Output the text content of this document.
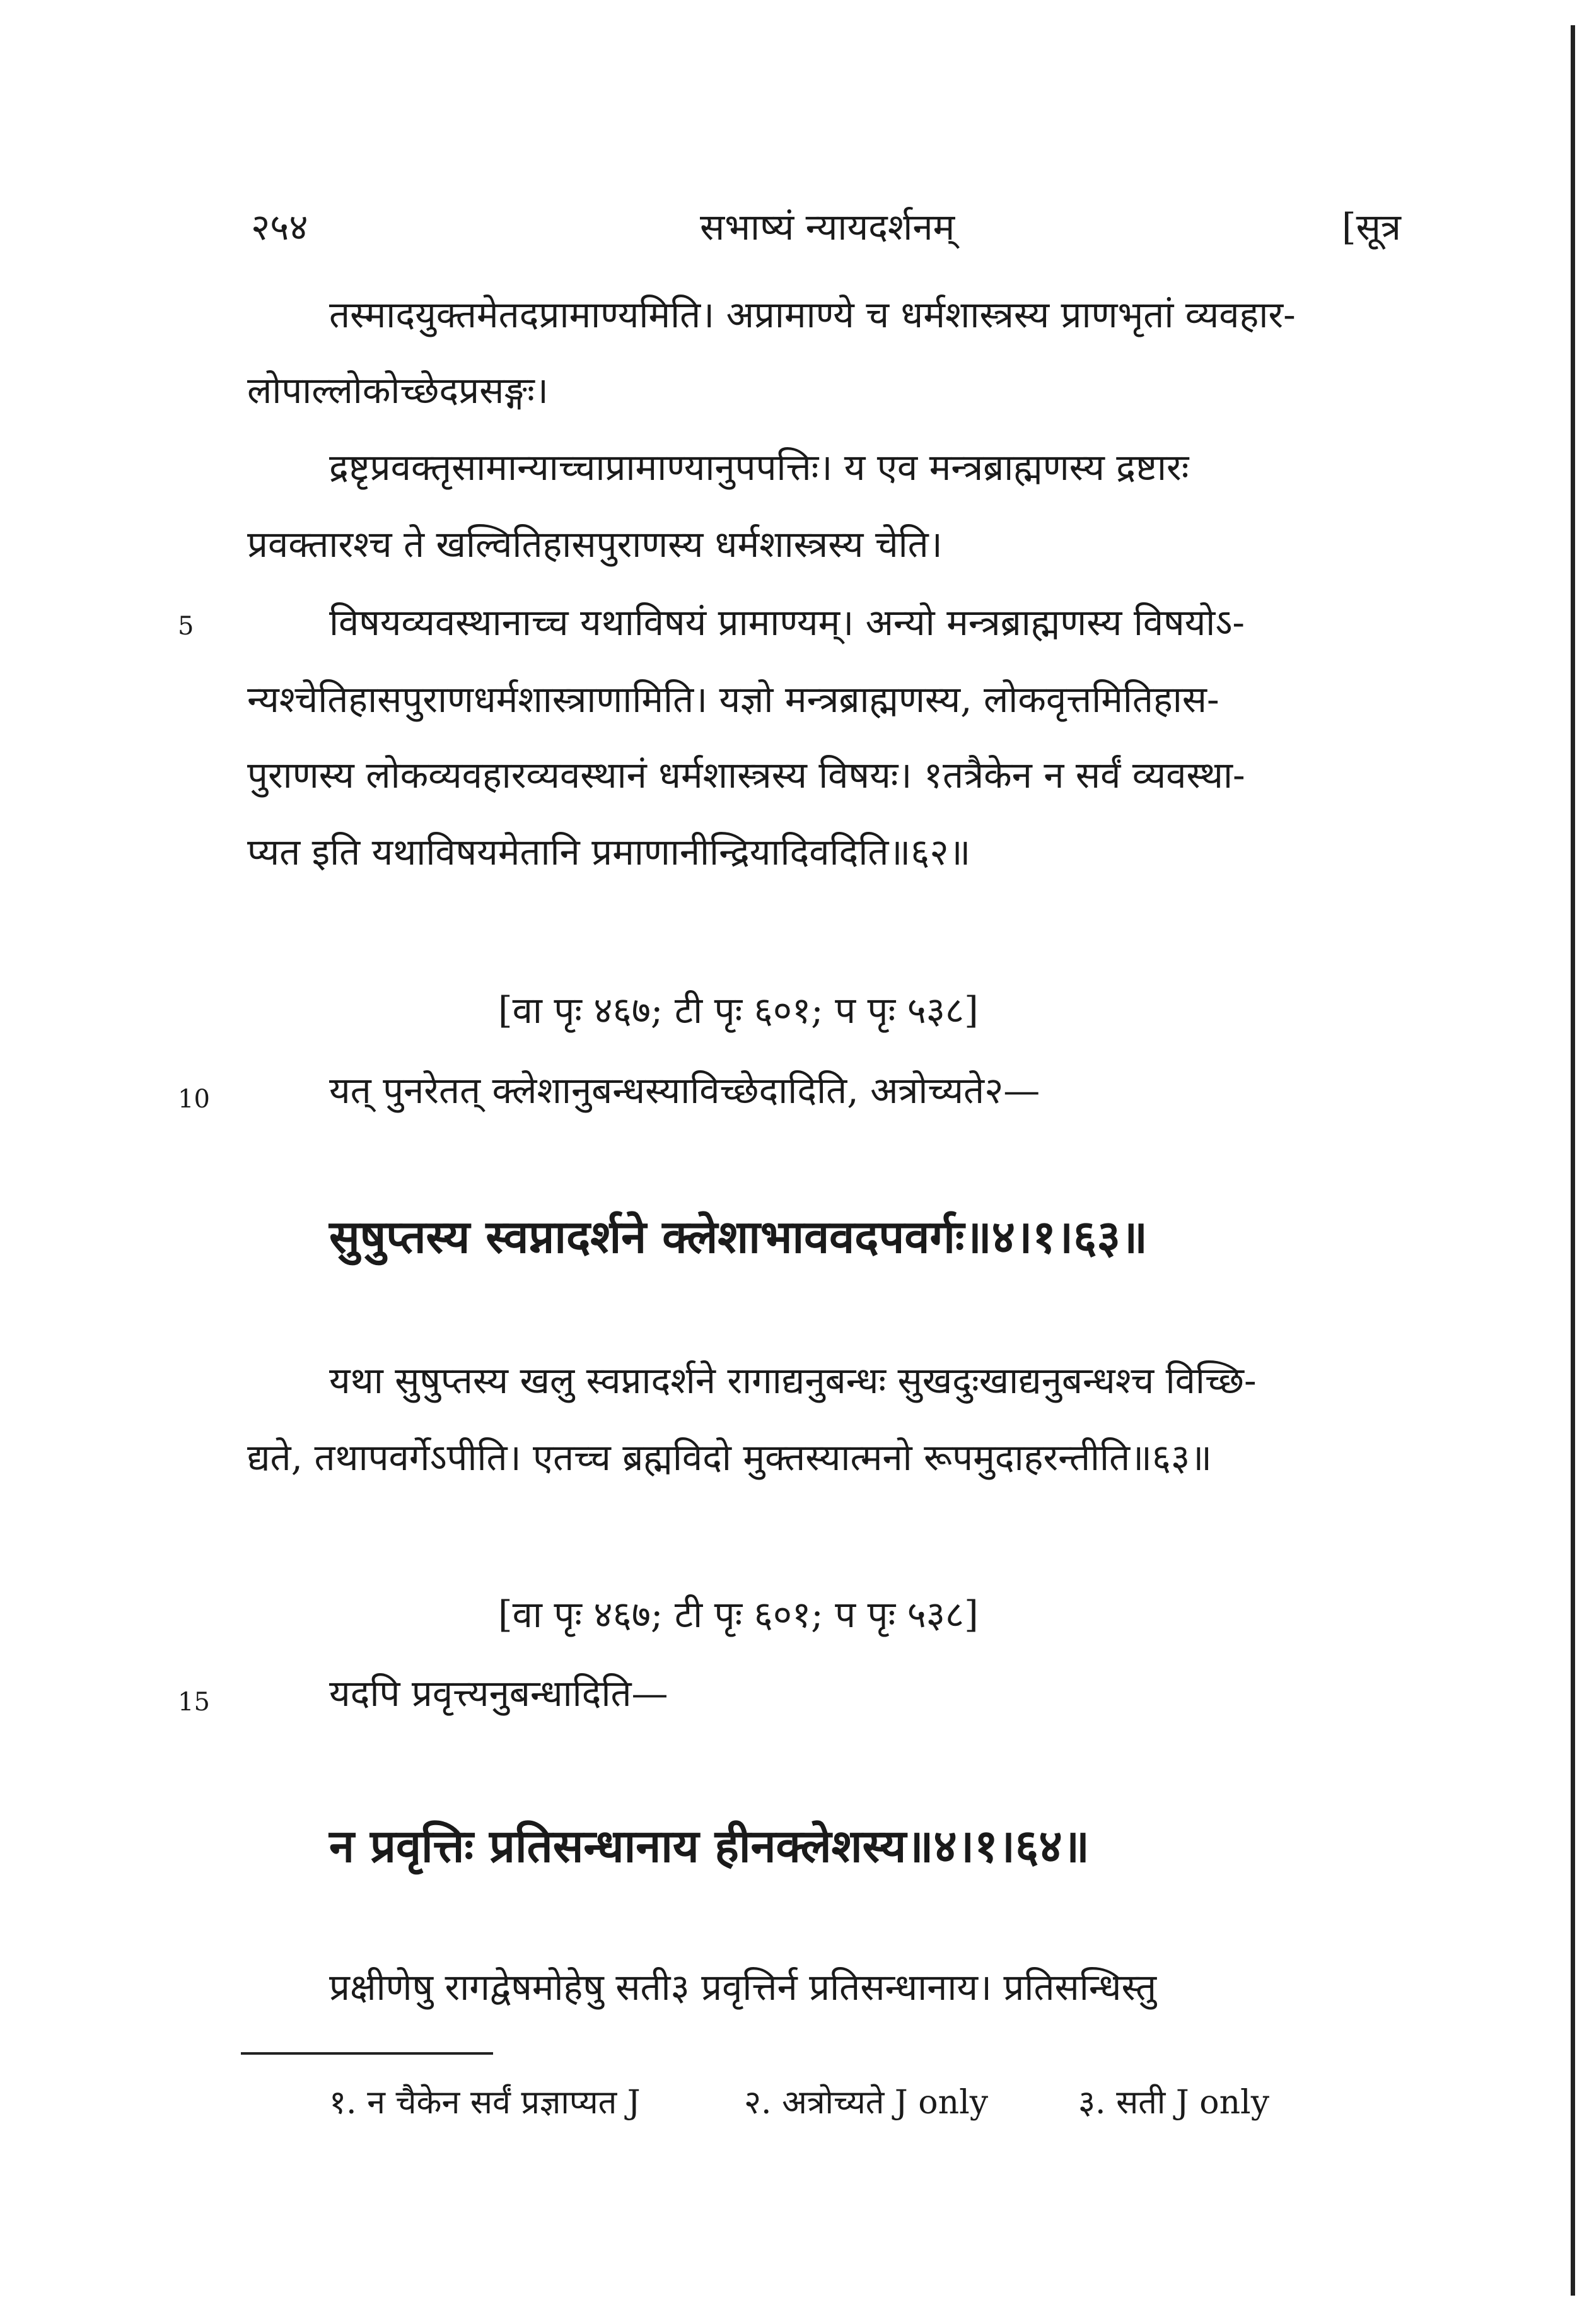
२५४	सभाष्यं न्यायदर्शनम्	[सूत्र
तस्मादयुक्तमेतदप्रामाण्यमिति। अप्रामाण्ये च धर्मशास्त्रस्य प्राणभृतां व्यवहार-
लोपाल्लोकोच्छेदप्रसङ्गः।
द्रष्टृप्रवक्तृसामान्याच्चाप्रामाण्यानुपपत्तिः। य एव मन्त्रब्राह्मणस्य द्रष्टारः
प्रवक्तारश्च ते खल्वितिहासपुराणस्य धर्मशास्त्रस्य चेति।
5	विषयव्यवस्थानाच्च यथाविषयं प्रामाण्यम्। अन्यो मन्त्रब्राह्मणस्य विषयोऽ-
न्यश्चेतिहासपुराणधर्मशास्त्राणामिति। यज्ञो मन्त्रब्राह्मणस्य, लोकवृत्तमितिहास-
पुराणस्य लोकव्यवहारव्यवस्थानं धर्मशास्त्रस्य विषयः। १तत्रैकेन न सर्वं व्यवस्था-
प्यत इति यथाविषयमेतानि प्रमाणानीन्द्रियादिवदिति॥६२॥
[वा पृः ४६७; टी पृः ६०१; प पृः ५३८]
10	यत् पुनरेतत् क्लेशानुबन्धस्याविच्छेदादिति, अत्रोच्यते२—
सुषुप्तस्य स्वप्नादर्शने क्लेशाभाववदपवर्गः॥४।१।६३॥
यथा सुषुप्तस्य खलु स्वप्नादर्शने रागाद्यनुबन्धः सुखदुःखाद्यनुबन्धश्च विच्छि-
द्यते, तथापवर्गेऽपीति। एतच्च ब्रह्मविदो मुक्तस्यात्मनो रूपमुदाहरन्तीति॥६३॥
[वा पृः ४६७; टी पृः ६०१; प पृः ५३८]
15	यदपि प्रवृत्त्यनुबन्धादिति—
न प्रवृत्तिः प्रतिसन्धानाय हीनक्लेशस्य॥४।१।६४॥
प्रक्षीणेषु रागद्वेषमोहेषु सती३ प्रवृत्तिर्न प्रतिसन्धानाय। प्रतिसन्धिस्तु
१. न चैकेन सर्वं प्रज्ञाप्यत J	२. अत्रोच्यते J only	३. सती J only
